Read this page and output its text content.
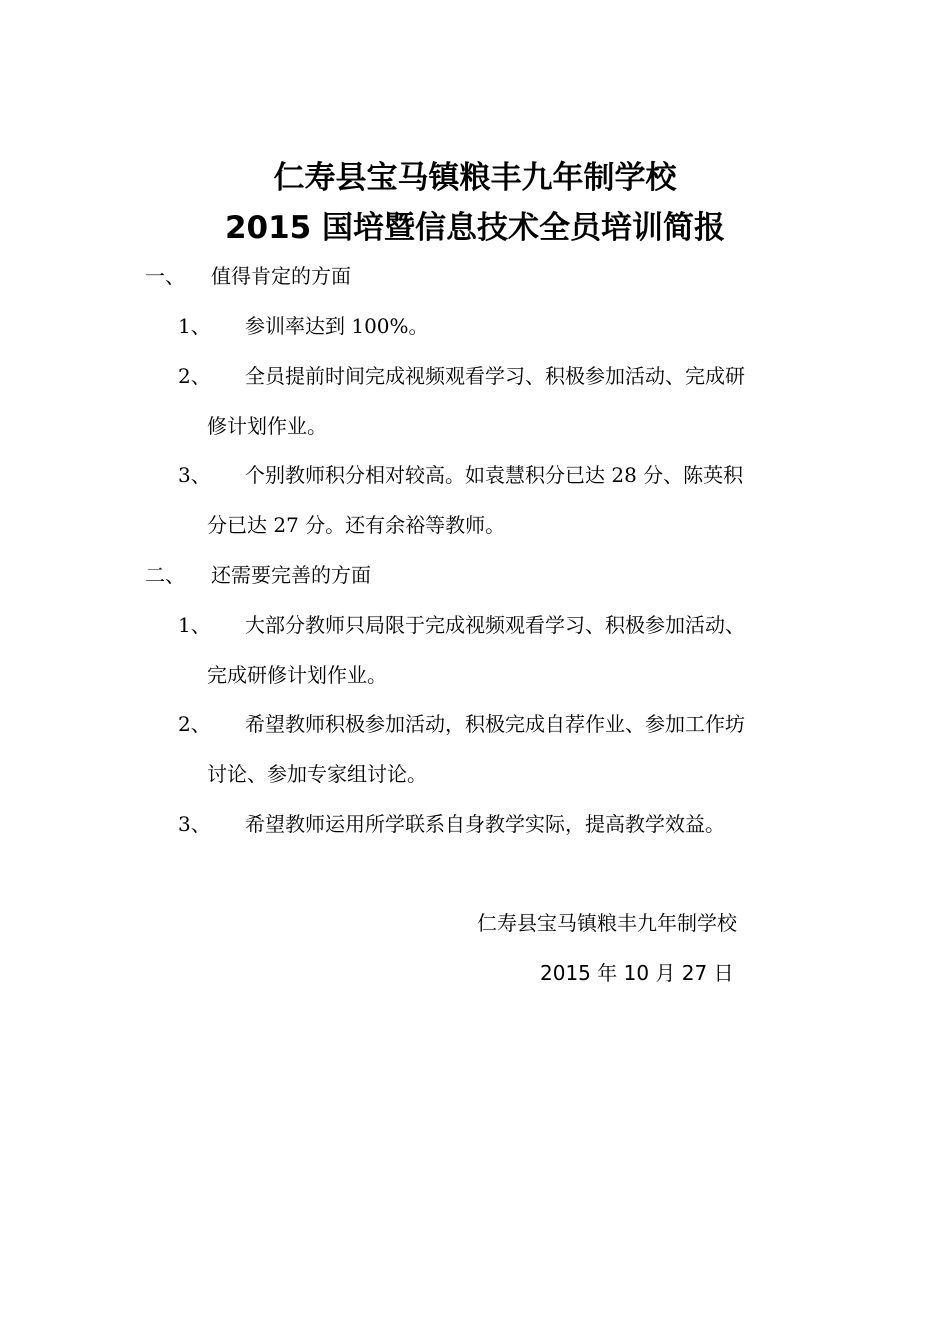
仁寿县宝马镇粮丰九年制学校
2015 国培暨信息技术全员培训简报
一、 值得肯定的方面
1、	参训率达到 100%。
2、	全员提前时间完成视频观看学习、积极参加活动、完成研
修计划作业。
3、	个别教师积分相对较高。如袁慧积分已达 28 分、陈英积
分已达 27 分。还有余裕等教师。
二、 还需要完善的方面
1、	大部分教师只局限于完成视频观看学习、积极参加活动、
完成研修计划作业。
2、	希望教师积极参加活动，积极完成自荐作业、参加工作坊
讨论、参加专家组讨论。
3、	希望教师运用所学联系自身教学实际，提高教学效益。
仁寿县宝马镇粮丰九年制学校
2015 年 10 月 27 日
